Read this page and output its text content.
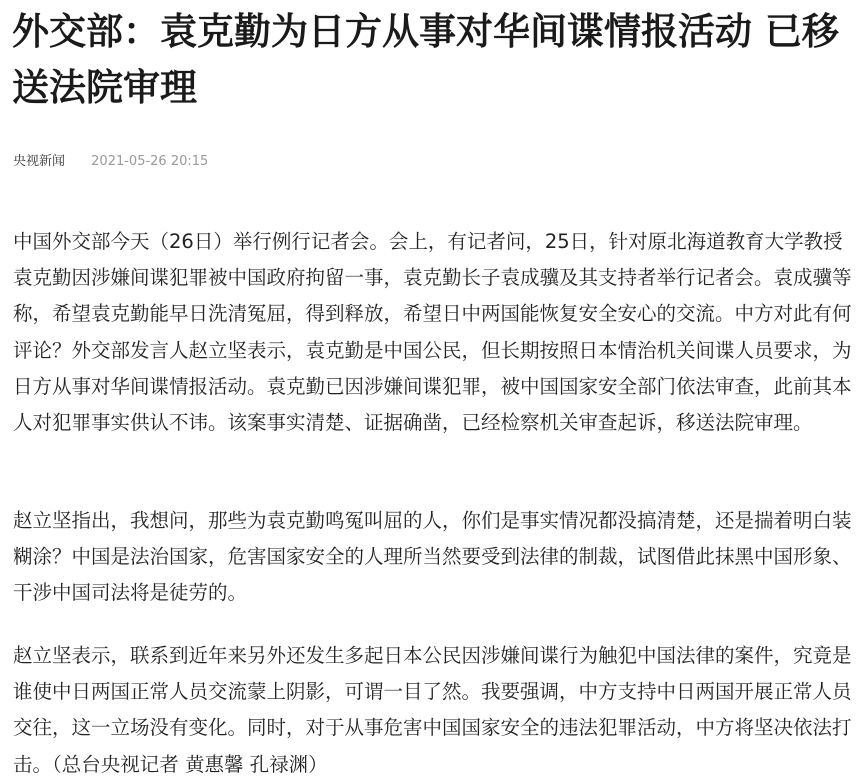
外交部：袁克勤为日方从事对华间谍情报活动 已移送法院审理
央视新闻 2021-05-26 20:15

中国外交部今天（26日）举行例行记者会。会上，有记者问，25日，针对原北海道教育大学教授袁克勤因涉嫌间谍犯罪被中国政府拘留一事，袁克勤长子袁成骥及其支持者举行记者会。袁成骥等称，希望袁克勤能早日洗清冤屈，得到释放，希望日中两国能恢复安全安心的交流。中方对此有何评论？外交部发言人赵立坚表示，袁克勤是中国公民，但长期按照日本情治机关间谍人员要求，为日方从事对华间谍情报活动。袁克勤已因涉嫌间谍犯罪，被中国国家安全部门依法审查，此前其本人对犯罪事实供认不讳。该案事实清楚、证据确凿，已经检察机关审查起诉，移送法院审理。

赵立坚指出，我想问，那些为袁克勤鸣冤叫屈的人，你们是事实情况都没搞清楚，还是揣着明白装糊涂？中国是法治国家，危害国家安全的人理所当然要受到法律的制裁，试图借此抹黑中国形象、干涉中国司法将是徒劳的。

赵立坚表示，联系到近年来另外还发生多起日本公民因涉嫌间谍行为触犯中国法律的案件，究竟是谁使中日两国正常人员交流蒙上阴影，可谓一目了然。我要强调，中方支持中日两国开展正常人员交往，这一立场没有变化。同时，对于从事危害中国国家安全的违法犯罪活动，中方将坚决依法打击。（总台央视记者 黄惠馨 孔禄渊）
